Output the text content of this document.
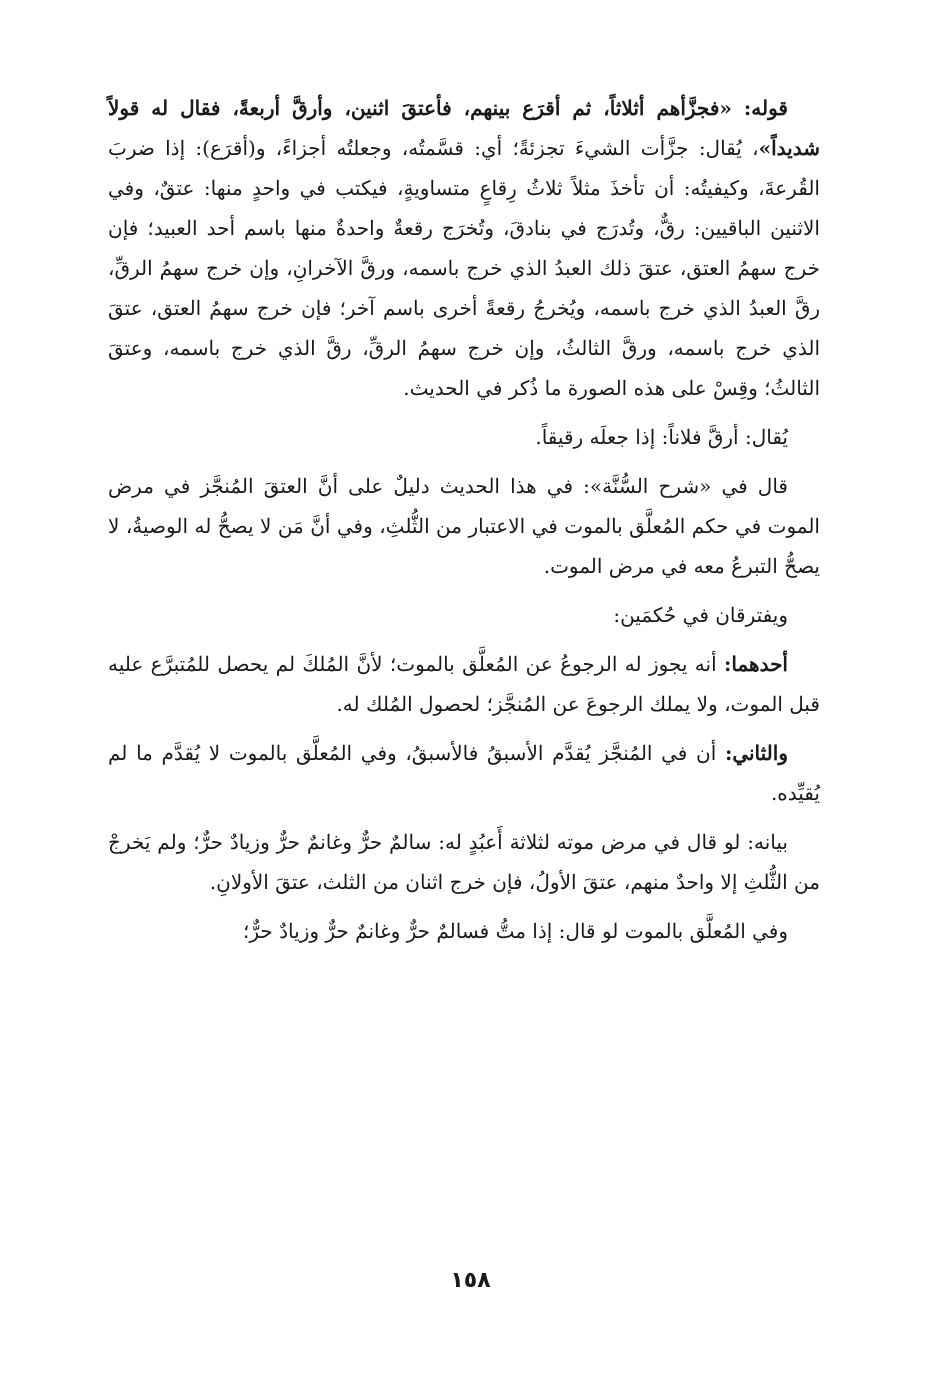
قوله: «فجزَّأهم أثلاثاً، ثم أقرَع بينهم، فأعتقَ اثنين، وأرقَّ أربعةً، فقال له قولاً شديداً»، يُقال: جزَّأت الشيءَ تجزئةً؛ أي: قسَّمتُه، وجعلتُه أجزاءً، و(أقرَع): إذا ضربَ القُرعةَ، وكيفيتُه: أن تأخذَ مثلاً ثلاثُ رِقاعٍ متساويةٍ، فيكتب في واحدٍ منها: عتقٌ، وفي الاثنين الباقيين: رقٌّ، وتُدرَج في بنادقَ، وتُخرَج رقعةٌ واحدةٌ منها باسم أحد العبيد؛ فإن خرج سهمُ العتق، عتقَ ذلك العبدُ الذي خرج باسمه، ورقَّ الآخرانِ، وإن خرج سهمُ الرقِّ، رقَّ العبدُ الذي خرج باسمه، ويُخرجُ رقعةً أخرى باسم آخر؛ فإن خرج سهمُ العتق، عتقَ الذي خرج باسمه، ورقَّ الثالثُ، وإن خرج سهمُ الرقِّ، رقَّ الذي خرج باسمه، وعتقَ الثالثُ؛ وقِسْ على هذه الصورة ما ذُكر في الحديث.

يُقال: أرقَّ فلاناً: إذا جعلَه رقيقاً.

قال في «شرح السُّنَّة»: في هذا الحديث دليلٌ على أنَّ العتقَ المُنجَّز في مرض الموت في حكم المُعلَّق بالموت في الاعتبار من الثُّلثِ، وفي أنَّ مَن لا يصحُّ له الوصيةُ، لا يصحُّ التبرعُ معه في مرض الموت.

ويفترقان في حُكمَين:

أحدهما: أنه يجوز له الرجوعُ عن المُعلَّق بالموت؛ لأنَّ المُلكَ لم يحصل للمُتبرَّع عليه قبل الموت، ولا يملك الرجوعَ عن المُنجَّز؛ لحصول المُلك له.

والثاني: أن في المُنجَّز يُقدَّم الأسبقُ فالأسبقُ، وفي المُعلَّق بالموت لا يُقدَّم ما لم يُقيِّده.

بيانه: لو قال في مرض موته لثلاثة أَعبُدٍ له: سالمٌ حرٌّ وغانمٌ حرٌّ وزيادٌ حرٌّ؛ ولم يَخرجْ من الثُّلثِ إلا واحدٌ منهم، عتقَ الأولُ، فإن خرج اثنان من الثلث، عتقَ الأولانِ.

وفي المُعلَّق بالموت لو قال: إذا متُّ فسالمٌ حرٌّ وغانمٌ حرٌّ وزيادٌ حرٌّ؛

١٥٨
